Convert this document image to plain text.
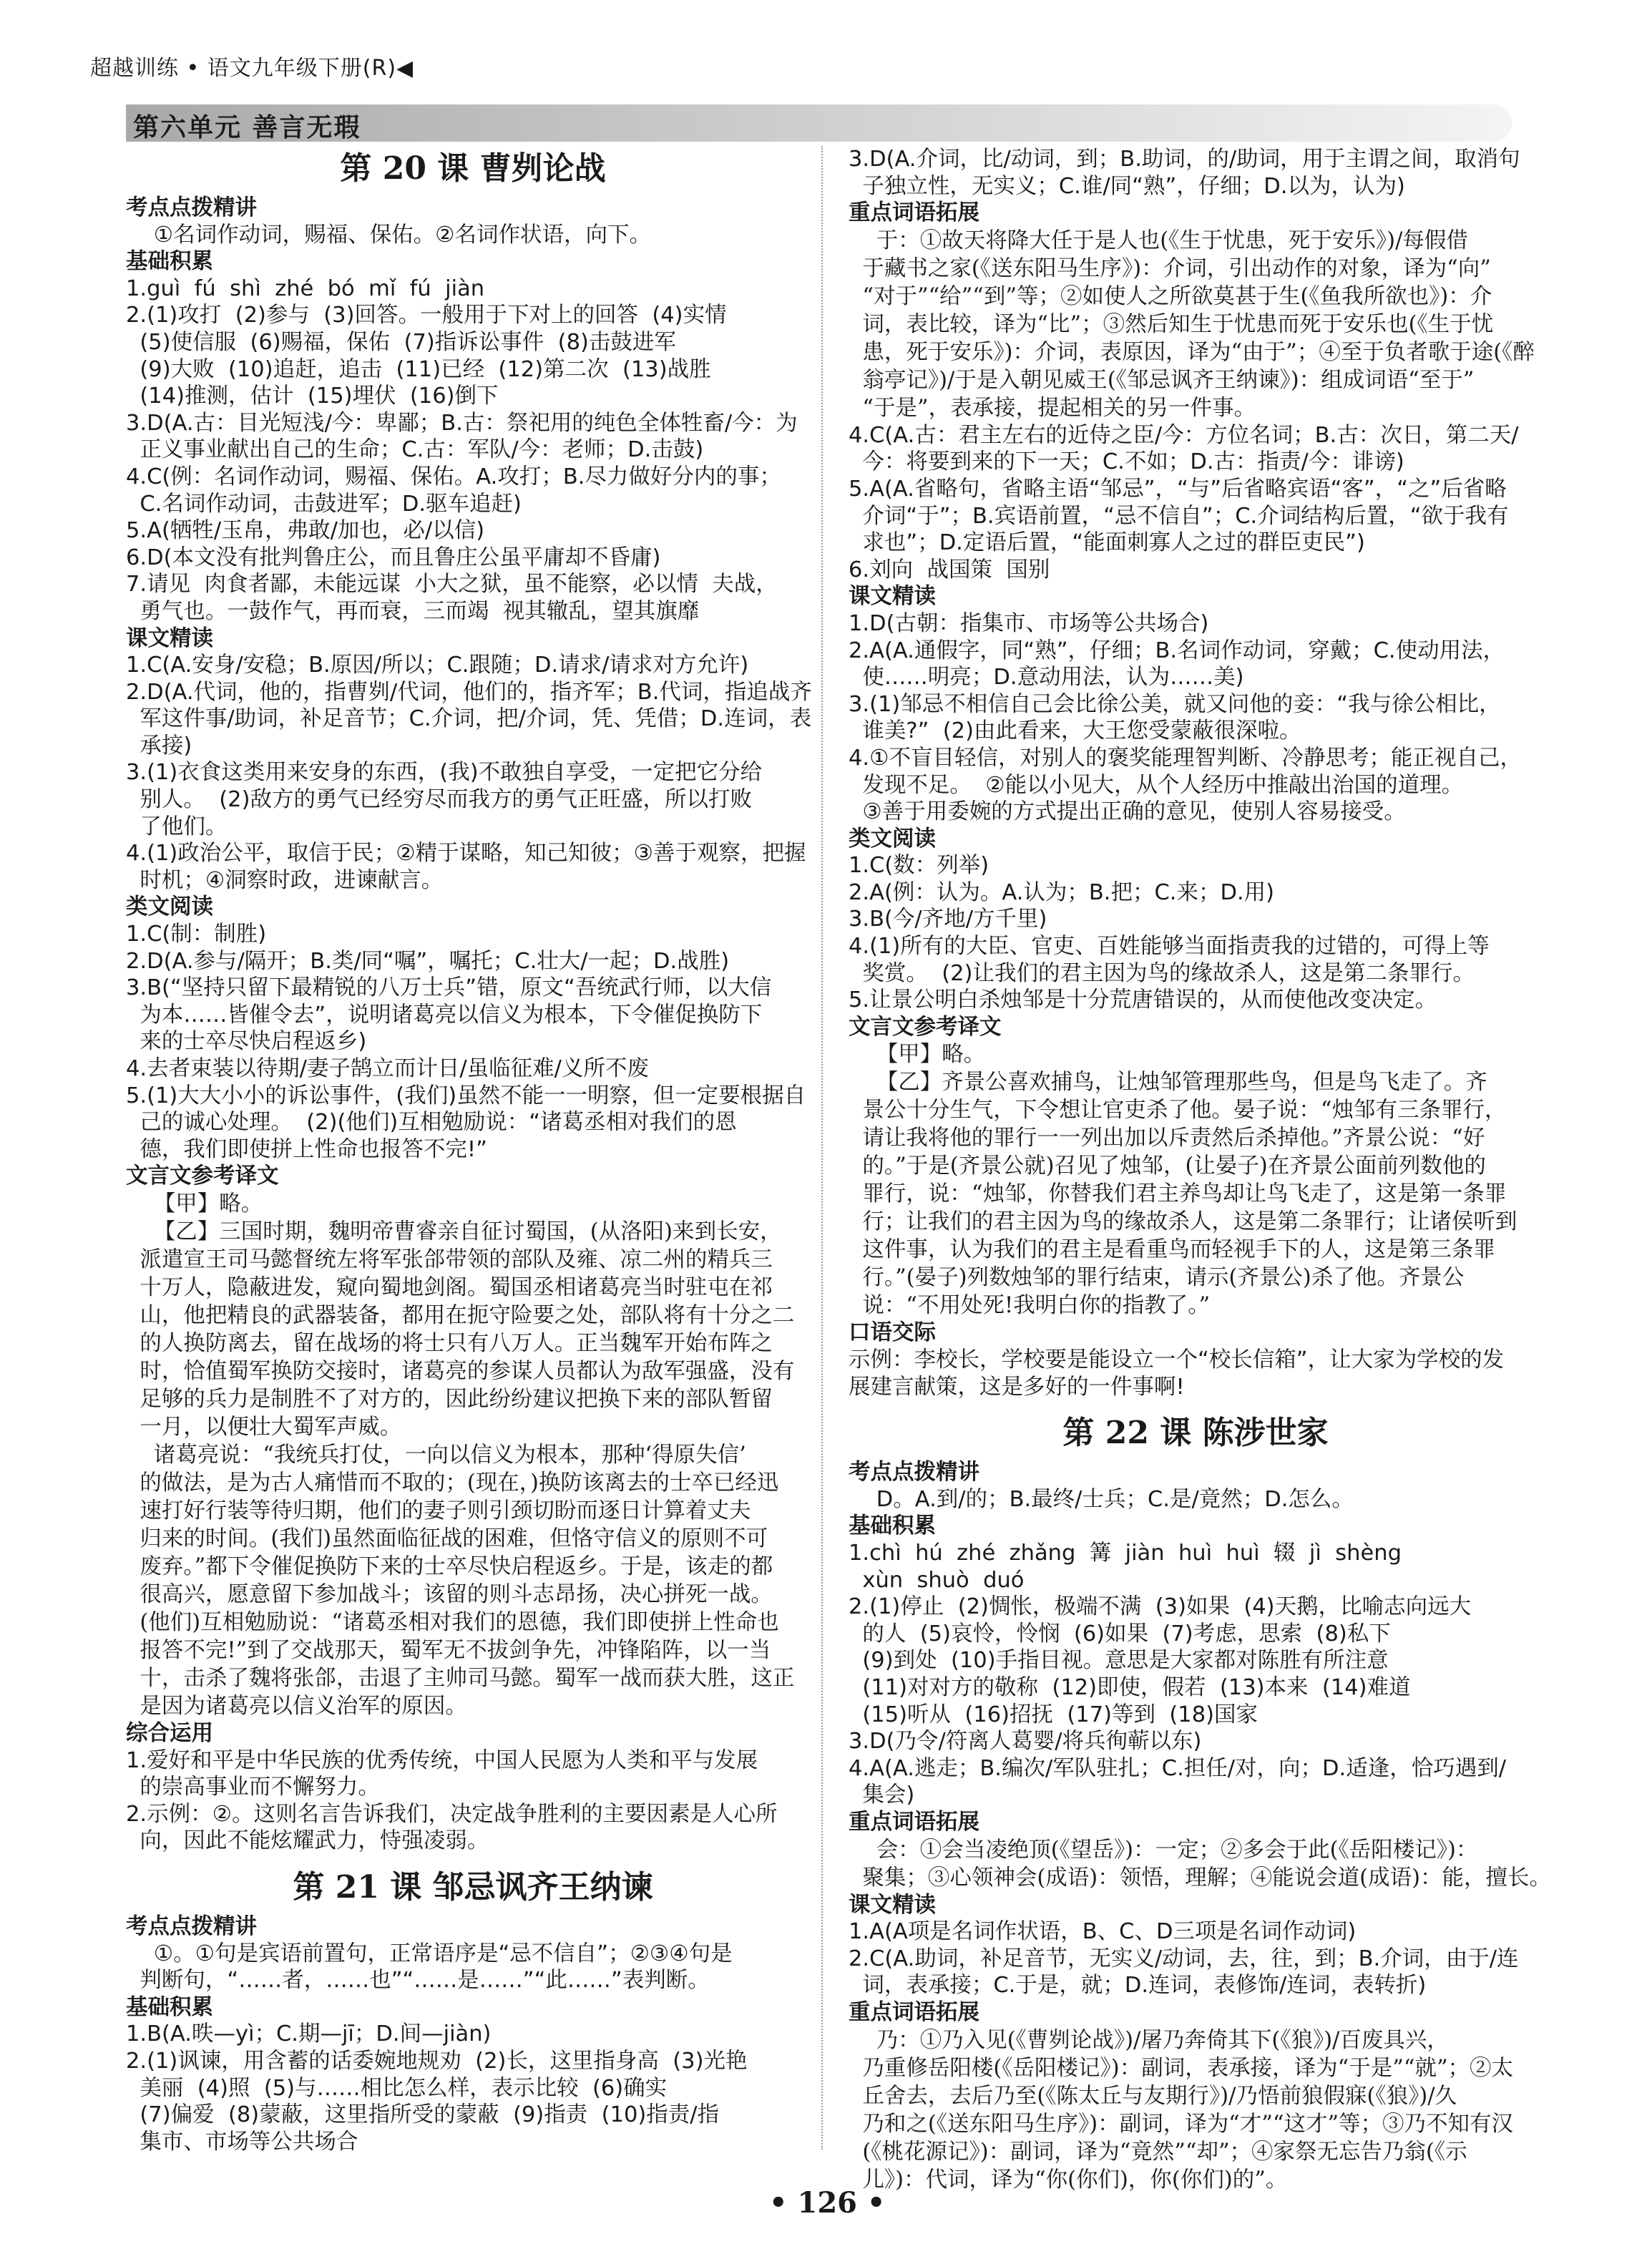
超越训练 • 语文九年级下册(R)◀
第六单元 善言无瑕
第 20 课 曹刿论战
考点点拨精讲
①名词作动词，赐福、保佑。②名词作状语，向下。
基础积累
1.guì  fú  shì  zhé  bó  mǐ  fú  jiàn
2.(1)攻打  (2)参与  (3)回答。一般用于下对上的回答  (4)实情
(5)使信服  (6)赐福，保佑  (7)指诉讼事件  (8)击鼓进军
(9)大败  (10)追赶，追击  (11)已经  (12)第二次  (13)战胜
(14)推测，估计  (15)埋伏  (16)倒下
3.D(A.古：目光短浅/今：卑鄙；B.古：祭祀用的纯色全体牲畜/今：为
正义事业献出自己的生命；C.古：军队/今：老师；D.击鼓)
4.C(例：名词作动词，赐福、保佑。A.攻打；B.尽力做好分内的事；
C.名词作动词，击鼓进军；D.驱车追赶)
5.A(牺牲/玉帛，弗敢/加也，必/以信)
6.D(本文没有批判鲁庄公，而且鲁庄公虽平庸却不昏庸)
7.请见  肉食者鄙，未能远谋  小大之狱，虽不能察，必以情  夫战，
勇气也。一鼓作气，再而衰，三而竭  视其辙乱，望其旗靡
课文精读
1.C(A.安身/安稳；B.原因/所以；C.跟随；D.请求/请求对方允许)
2.D(A.代词，他的，指曹刿/代词，他们的，指齐军；B.代词，指追战齐
军这件事/助词，补足音节；C.介词，把/介词，凭、凭借；D.连词，表
承接)
3.(1)衣食这类用来安身的东西，(我)不敢独自享受，一定把它分给
别人。  (2)敌方的勇气已经穷尽而我方的勇气正旺盛，所以打败
了他们。
4.(1)政治公平，取信于民；②精于谋略，知己知彼；③善于观察，把握
时机；④洞察时政，进谏献言。
类文阅读
1.C(制：制胜)
2.D(A.参与/隔开；B.类/同“嘱”，嘱托；C.壮大/一起；D.战胜)
3.B(“坚持只留下最精锐的八万士兵”错，原文“吾统武行师，以大信
为本……皆催令去”，说明诸葛亮以信义为根本，下令催促换防下
来的士卒尽快启程返乡)
4.去者束装以待期/妻子鹄立而计日/虽临征难/义所不废
5.(1)大大小小的诉讼事件，(我们)虽然不能一一明察，但一定要根据自
己的诚心处理。  (2)(他们)互相勉励说：“诸葛丞相对我们的恩
德，我们即使拼上性命也报答不完!”
文言文参考译文
【甲】略。
【乙】三国时期，魏明帝曹睿亲自征讨蜀国，(从洛阳)来到长安，
派遣宣王司马懿督统左将军张郃带领的部队及雍、凉二州的精兵三
十万人，隐蔽进发，窥向蜀地剑阁。蜀国丞相诸葛亮当时驻屯在祁
山，他把精良的武器装备，都用在扼守险要之处，部队将有十分之二
的人换防离去，留在战场的将士只有八万人。正当魏军开始布阵之
时，恰值蜀军换防交接时，诸葛亮的参谋人员都认为敌军强盛，没有
足够的兵力是制胜不了对方的，因此纷纷建议把换下来的部队暂留
一月，以便壮大蜀军声威。
诸葛亮说：“我统兵打仗，一向以信义为根本，那种‘得原失信’
的做法，是为古人痛惜而不取的；(现在，)换防该离去的士卒已经迅
速打好行装等待归期，他们的妻子则引颈切盼而逐日计算着丈夫
归来的时间。(我们)虽然面临征战的困难，但恪守信义的原则不可
废弃。”都下令催促换防下来的士卒尽快启程返乡。于是，该走的都
很高兴，愿意留下参加战斗；该留的则斗志昂扬，决心拼死一战。
(他们)互相勉励说：“诸葛丞相对我们的恩德，我们即使拼上性命也
报答不完!”到了交战那天，蜀军无不拔剑争先，冲锋陷阵，以一当
十，击杀了魏将张郃，击退了主帅司马懿。蜀军一战而获大胜，这正
是因为诸葛亮以信义治军的原因。
综合运用
1.爱好和平是中华民族的优秀传统，中国人民愿为人类和平与发展
的崇高事业而不懈努力。
2.示例：②。这则名言告诉我们，决定战争胜利的主要因素是人心所
向，因此不能炫耀武力，恃强凌弱。
第 21 课 邹忌讽齐王纳谏
考点点拨精讲
①。①句是宾语前置句，正常语序是“忌不信自”；②③④句是
判断句，“……者，……也”“……是……”“此……”表判断。
基础积累
1.B(A.昳—yì；C.期—jī；D.间—jiàn)
2.(1)讽谏，用含蓄的话委婉地规劝  (2)长，这里指身高  (3)光艳
美丽  (4)照  (5)与……相比怎么样，表示比较  (6)确实
(7)偏爱  (8)蒙蔽，这里指所受的蒙蔽  (9)指责  (10)指责/指
集市、市场等公共场合
3.D(A.介词，比/动词，到；B.助词，的/助词，用于主谓之间，取消句
子独立性，无实义；C.谁/同“熟”，仔细；D.以为，认为)
重点词语拓展
于：①故天将降大任于是人也(《生于忧患，死于安乐》)/每假借
于藏书之家(《送东阳马生序》)：介词，引出动作的对象，译为“向”
“对于”“给”“到”等；②如使人之所欲莫甚于生(《鱼我所欲也》)：介
词，表比较，译为“比”；③然后知生于忧患而死于安乐也(《生于忧
患，死于安乐》)：介词，表原因，译为“由于”；④至于负者歌于途(《醉
翁亭记》)/于是入朝见威王(《邹忌讽齐王纳谏》)：组成词语“至于”
“于是”，表承接，提起相关的另一件事。
4.C(A.古：君主左右的近侍之臣/今：方位名词；B.古：次日，第二天/
今：将要到来的下一天；C.不如；D.古：指责/今：诽谤)
5.A(A.省略句，省略主语“邹忌”，“与”后省略宾语“客”，“之”后省略
介词“于”；B.宾语前置，“忌不信自”；C.介词结构后置，“欲于我有
求也”；D.定语后置，“能面刺寡人之过的群臣吏民”)
6.刘向  战国策  国别
课文精读
1.D(古朝：指集市、市场等公共场合)
2.A(A.通假字，同“熟”，仔细；B.名词作动词，穿戴；C.使动用法，
使……明亮；D.意动用法，认为……美)
3.(1)邹忌不相信自己会比徐公美，就又问他的妾：“我与徐公相比，
谁美?”  (2)由此看来，大王您受蒙蔽很深啦。
4.①不盲目轻信，对别人的褒奖能理智判断、冷静思考；能正视自己，
发现不足。  ②能以小见大，从个人经历中推敲出治国的道理。
③善于用委婉的方式提出正确的意见，使别人容易接受。
类文阅读
1.C(数：列举)
2.A(例：认为。A.认为；B.把；C.来；D.用)
3.B(今/齐地/方千里)
4.(1)所有的大臣、官吏、百姓能够当面指责我的过错的，可得上等
奖赏。  (2)让我们的君主因为鸟的缘故杀人，这是第二条罪行。
5.让景公明白杀烛邹是十分荒唐错误的，从而使他改变决定。
文言文参考译文
【甲】略。
【乙】齐景公喜欢捕鸟，让烛邹管理那些鸟，但是鸟飞走了。齐
景公十分生气，下令想让官吏杀了他。晏子说：“烛邹有三条罪行，
请让我将他的罪行一一列出加以斥责然后杀掉他。”齐景公说：“好
的。”于是(齐景公就)召见了烛邹，(让晏子)在齐景公面前列数他的
罪行，说：“烛邹，你替我们君主养鸟却让鸟飞走了，这是第一条罪
行；让我们的君主因为鸟的缘故杀人，这是第二条罪行；让诸侯听到
这件事，认为我们的君主是看重鸟而轻视手下的人，这是第三条罪
行。”(晏子)列数烛邹的罪行结束，请示(齐景公)杀了他。齐景公
说：“不用处死!我明白你的指教了。”
口语交际
示例：李校长，学校要是能设立一个“校长信箱”，让大家为学校的发
展建言献策，这是多好的一件事啊!
第 22 课 陈涉世家
考点点拨精讲
D。A.到/的；B.最终/士兵；C.是/竟然；D.怎么。
基础积累
1.chì  hú  zhé  zhǎng  篝  jiàn  huì  huì  辍  jì  shèng
xùn  shuò  duó
2.(1)停止  (2)惆怅，极端不满  (3)如果  (4)天鹅，比喻志向远大
的人  (5)哀怜，怜悯  (6)如果  (7)考虑，思索  (8)私下
(9)到处  (10)手指目视。意思是大家都对陈胜有所注意
(11)对对方的敬称  (12)即使，假若  (13)本来  (14)难道
(15)听从  (16)招抚  (17)等到  (18)国家
3.D(乃令/符离人葛婴/将兵徇蕲以东)
4.A(A.逃走；B.编次/军队驻扎；C.担任/对，向；D.适逢，恰巧遇到/
集会)
重点词语拓展
会：①会当凌绝顶(《望岳》)：一定；②多会于此(《岳阳楼记》)：
聚集；③心领神会(成语)：领悟，理解；④能说会道(成语)：能，擅长。
课文精读
1.A(A项是名词作状语，B、C、D三项是名词作动词)
2.C(A.助词，补足音节，无实义/动词，去，往，到；B.介词，由于/连
词，表承接；C.于是，就；D.连词，表修饰/连词，表转折)
重点词语拓展
乃：①乃入见(《曹刿论战》)/屠乃奔倚其下(《狼》)/百废具兴，
乃重修岳阳楼(《岳阳楼记》)：副词，表承接，译为“于是”“就”；②太
丘舍去，去后乃至(《陈太丘与友期行》)/乃悟前狼假寐(《狼》)/久
乃和之(《送东阳马生序》)：副词，译为“才”“这才”等；③乃不知有汉
(《桃花源记》)：副词，译为“竟然”“却”；④家祭无忘告乃翁(《示
儿》)：代词，译为“你(你们)，你(你们)的”。
• 126 •
